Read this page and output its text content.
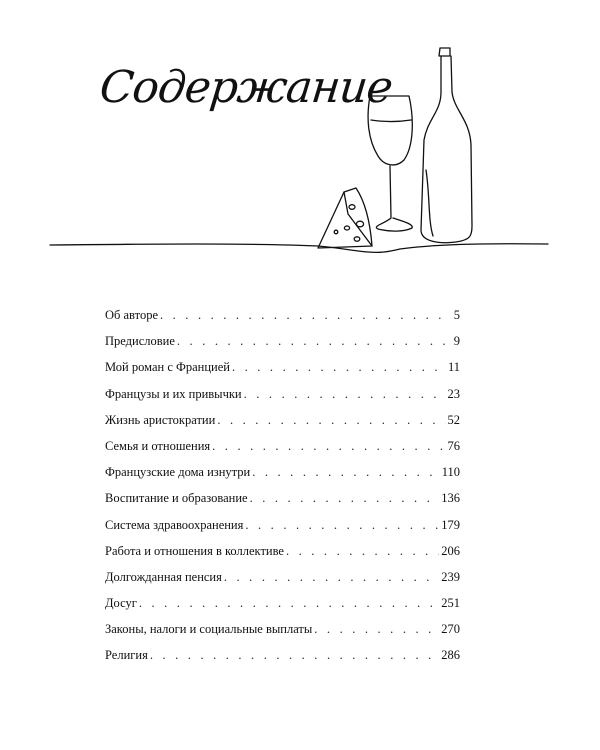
Содержание
Об авторе . . .	5
Предисловие . . .	9
Мой роман с Францией . . .	11
Французы и их привычки . . .	23
Жизнь аристократии . . .	52
Семья и отношения . . .	76
Французские дома изнутри . . .	110
Воспитание и образование . . .	136
Система здравоохранения . . .	179
Работа и отношения в коллективе . . .	206
Долгожданная пенсия . . .	239
Досуг . . .	251
Законы, налоги и социальные выплаты . . .	270
Религия . . .	286
